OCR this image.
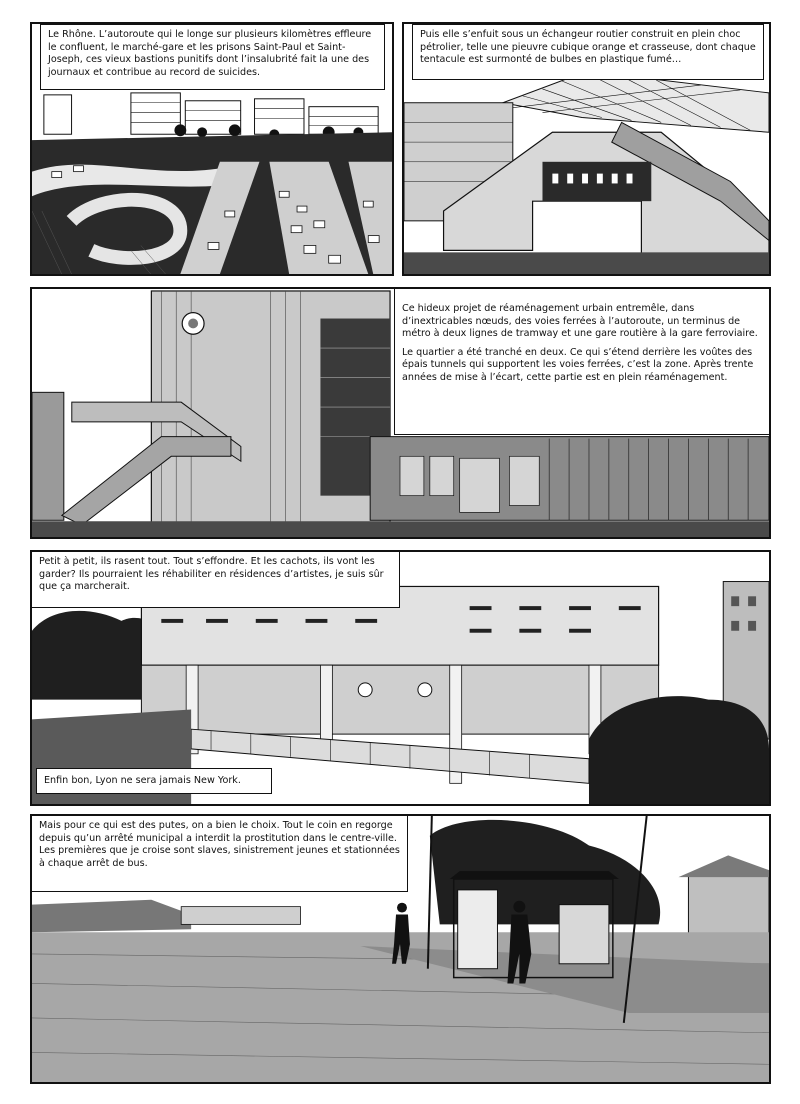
Le Rhône. L’autoroute qui le longe sur plusieurs kilomètres effleure le confluent, le marché-gare et les prisons Saint-Paul et Saint-Joseph, ces vieux bastions punitifs dont l’insalubrité fait la une des journaux et contribue au record de suicides.

Puis elle s’enfuit sous un échangeur routier construit en plein choc pétrolier, telle une pieuvre cubique orange et crasseuse, dont chaque tentacule est surmonté de bulbes en plastique fumé…

Ce hideux projet de réaménagement urbain entremêle, dans d’inextricables nœuds, des voies ferrées à l’autoroute, un terminus de métro à deux lignes de tramway et une gare routière à la gare ferroviaire.

Le quartier a été tranché en deux. Ce qui s’étend derrière les voûtes des épais tunnels qui supportent les voies ferrées, c’est la zone. Après trente années de mise à l’écart, cette partie est en plein réaménagement.

Petit à petit, ils rasent tout. Tout s’effondre. Et les cachots, ils vont les garder? Ils pourraient les réhabiliter en résidences d’artistes, je suis sûr que ça marcherait.

Enfin bon, Lyon ne sera jamais New York.

Mais pour ce qui est des putes, on a bien le choix. Tout le coin en regorge depuis qu’un arrêté municipal a interdit la prostitution dans le centre-ville. Les premières que je croise sont slaves, sinistrement jeunes et stationnées à chaque arrêt de bus.
